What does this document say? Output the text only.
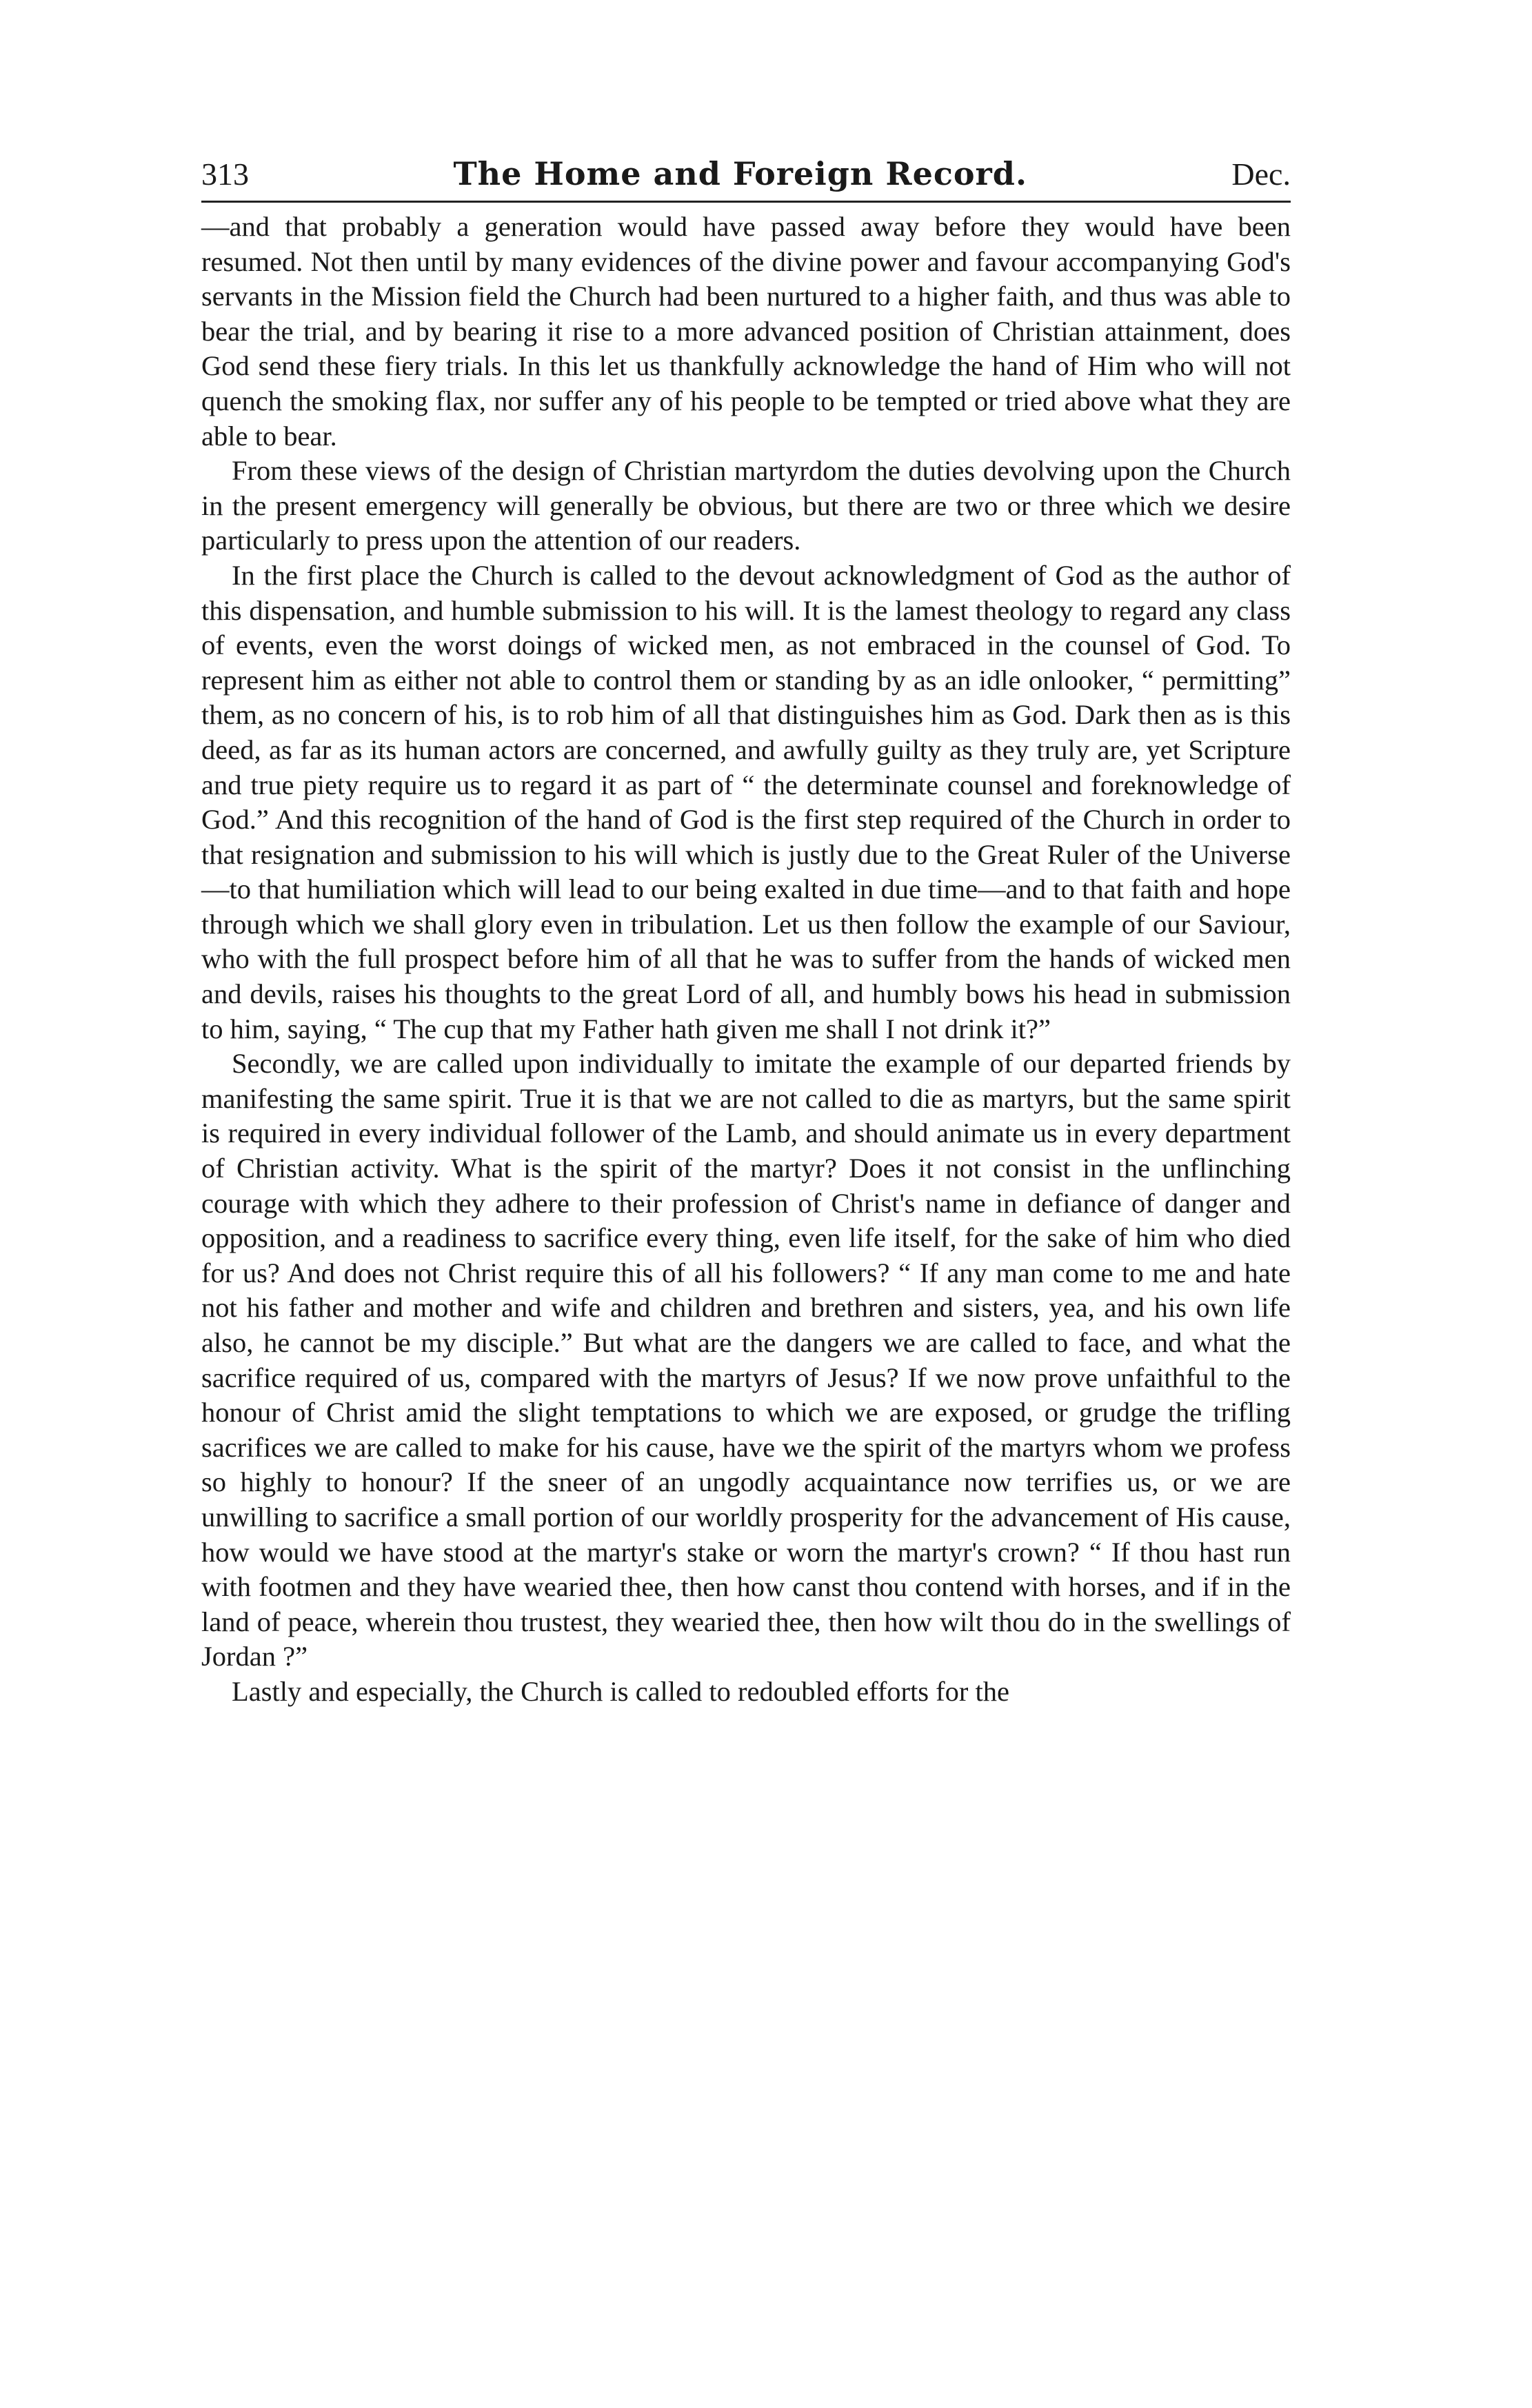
313	The Home and Foreign Record.	Dec.

—and that probably a generation would have passed away before they would have been resumed. Not then until by many evidences of the divine power and favour accompanying God's servants in the Mission field the Church had been nurtured to a higher faith, and thus was able to bear the trial, and by bearing it rise to a more advanced position of Christian attainment, does God send these fiery trials. In this let us thankfully acknowledge the hand of Him who will not quench the smoking flax, nor suffer any of his people to be tempted or tried above what they are able to bear.

From these views of the design of Christian martyrdom the duties devolving upon the Church in the present emergency will generally be obvious, but there are two or three which we desire particularly to press upon the attention of our readers.

In the first place the Church is called to the devout acknowledgment of God as the author of this dispensation, and humble submission to his will. It is the lamest theology to regard any class of events, even the worst doings of wicked men, as not embraced in the counsel of God. To represent him as either not able to control them or standing by as an idle onlooker, “ permitting” them, as no concern of his, is to rob him of all that distinguishes him as God. Dark then as is this deed, as far as its human actors are concerned, and awfully guilty as they truly are, yet Scripture and true piety require us to regard it as part of “ the determinate counsel and foreknowledge of God.” And this recognition of the hand of God is the first step required of the Church in order to that resignation and submission to his will which is justly due to the Great Ruler of the Universe—to that humiliation which will lead to our being exalted in due time—and to that faith and hope through which we shall glory even in tribulation. Let us then follow the example of our Saviour, who with the full prospect before him of all that he was to suffer from the hands of wicked men and devils, raises his thoughts to the great Lord of all, and humbly bows his head in submission to him, saying, “ The cup that my Father hath given me shall I not drink it?”

Secondly, we are called upon individually to imitate the example of our departed friends by manifesting the same spirit. True it is that we are not called to die as martyrs, but the same spirit is required in every individual follower of the Lamb, and should animate us in every department of Christian activity. What is the spirit of the martyr? Does it not consist in the unflinching courage with which they adhere to their profession of Christ's name in defiance of danger and opposition, and a readiness to sacrifice every thing, even life itself, for the sake of him who died for us? And does not Christ require this of all his followers? “ If any man come to me and hate not his father and mother and wife and children and brethren and sisters, yea, and his own life also, he cannot be my disciple.” But what are the dangers we are called to face, and what the sacrifice required of us, compared with the martyrs of Jesus? If we now prove unfaithful to the honour of Christ amid the slight temptations to which we are exposed, or grudge the trifling sacrifices we are called to make for his cause, have we the spirit of the martyrs whom we profess so highly to honour? If the sneer of an ungodly acquaintance now terrifies us, or we are unwilling to sacrifice a small portion of our worldly prosperity for the advancement of His cause, how would we have stood at the martyr's stake or worn the martyr's crown? “ If thou hast run with footmen and they have wearied thee, then how canst thou contend with horses, and if in the land of peace, wherein thou trustest, they wearied thee, then how wilt thou do in the swellings of Jordan ?”

Lastly and especially, the Church is called to redoubled efforts for the
